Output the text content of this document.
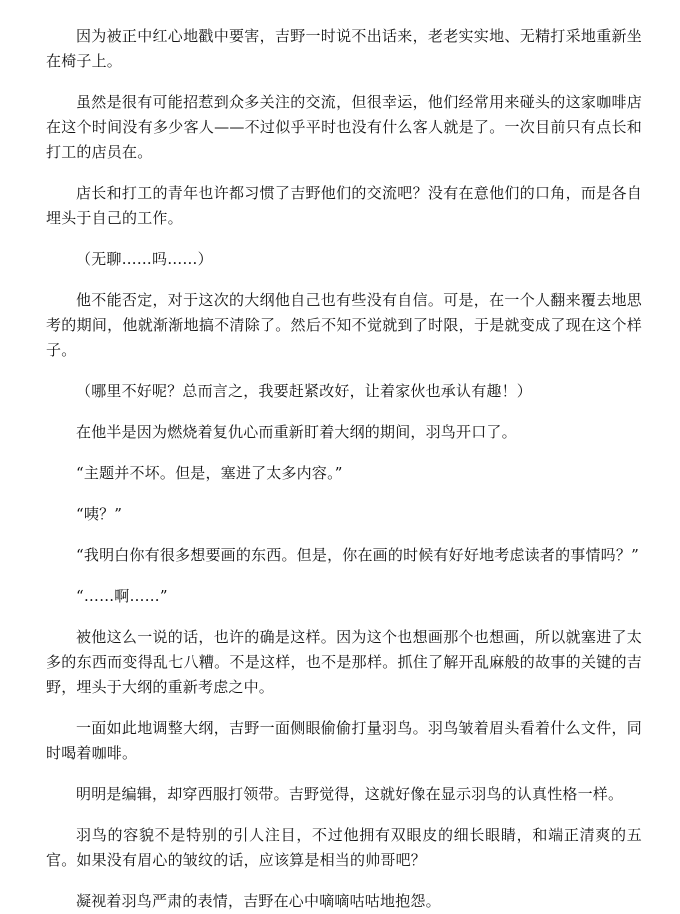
因为被正中红心地戳中要害，吉野一时说不出话来，老老实实地、无精打采地重新坐在椅子上。

虽然是很有可能招惹到众多关注的交流，但很幸运，他们经常用来碰头的这家咖啡店在这个时间没有多少客人——不过似乎平时也没有什么客人就是了。一次目前只有点长和打工的店员在。

店长和打工的青年也许都习惯了吉野他们的交流吧？没有在意他们的口角，而是各自埋头于自己的工作。

（无聊……吗……）

他不能否定，对于这次的大纲他自己也有些没有自信。可是，在一个人翻来覆去地思考的期间，他就渐渐地搞不清除了。然后不知不觉就到了时限，于是就变成了现在这个样子。

（哪里不好呢？总而言之，我要赶紧改好，让着家伙也承认有趣！）

在他半是因为燃烧着复仇心而重新盯着大纲的期间，羽鸟开口了。

“主题并不坏。但是，塞进了太多内容。”

“咦？”

“我明白你有很多想要画的东西。但是，你在画的时候有好好地考虑读者的事情吗？”

“……啊……”

被他这么一说的话，也许的确是这样。因为这个也想画那个也想画，所以就塞进了太多的东西而变得乱七八糟。不是这样，也不是那样。抓住了解开乱麻般的故事的关键的吉野，埋头于大纲的重新考虑之中。

一面如此地调整大纲，吉野一面侧眼偷偷打量羽鸟。羽鸟皱着眉头看着什么文件，同时喝着咖啡。

明明是编辑，却穿西服打领带。吉野觉得，这就好像在显示羽鸟的认真性格一样。

羽鸟的容貌不是特别的引人注目，不过他拥有双眼皮的细长眼睛，和端正清爽的五官。如果没有眉心的皱纹的话，应该算是相当的帅哥吧？

凝视着羽鸟严肃的表情，吉野在心中嘀嘀咕咕地抱怨。
